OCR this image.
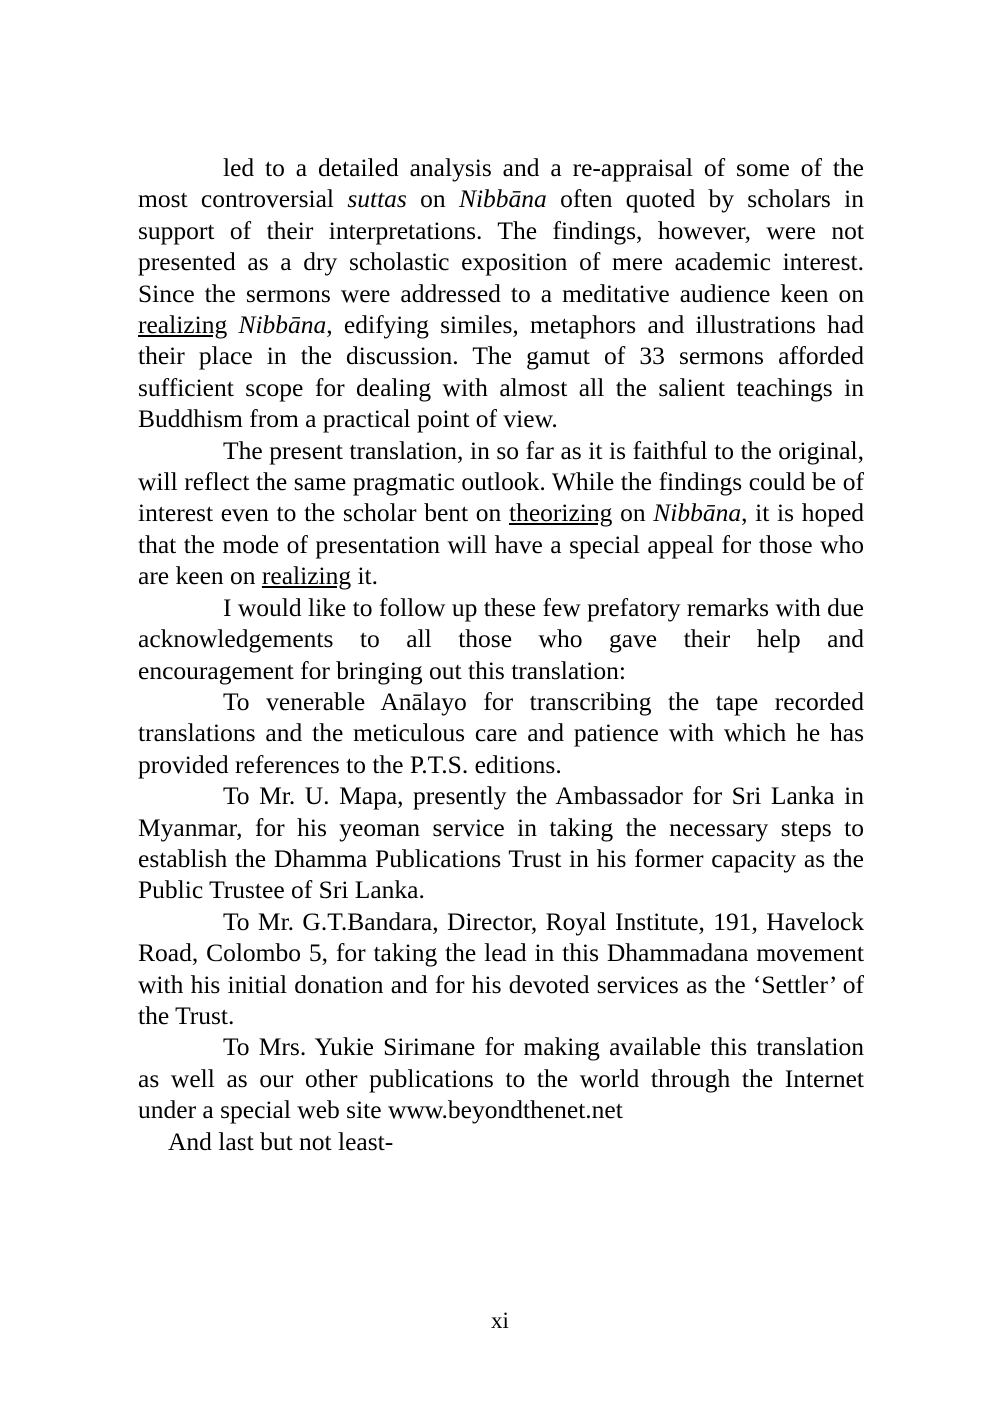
led to a detailed analysis and a re-appraisal of some of the most controversial suttas on Nibbāna often quoted by scholars in support of their interpretations. The findings, however, were not presented as a dry scholastic exposition of mere academic interest. Since the sermons were addressed to a meditative audience keen on realizing Nibbāna, edifying similes, metaphors and illustrations had their place in the discussion. The gamut of 33 sermons afforded sufficient scope for dealing with almost all the salient teachings in Buddhism from a practical point of view.

The present translation, in so far as it is faithful to the original, will reflect the same pragmatic outlook. While the findings could be of interest even to the scholar bent on theorizing on Nibbāna, it is hoped that the mode of presentation will have a special appeal for those who are keen on realizing it.

I would like to follow up these few prefatory remarks with due acknowledgements to all those who gave their help and encouragement for bringing out this translation:

To venerable Anālayo for transcribing the tape recorded translations and the meticulous care and patience with which he has provided references to the P.T.S. editions.

To Mr. U. Mapa, presently the Ambassador for Sri Lanka in Myanmar, for his yeoman service in taking the necessary steps to establish the Dhamma Publications Trust in his former capacity as the Public Trustee of Sri Lanka.

To Mr. G.T.Bandara, Director, Royal Institute, 191, Havelock Road, Colombo 5, for taking the lead in this Dhammadana movement with his initial donation and for his devoted services as the ‘Settler’ of the Trust.

To Mrs. Yukie Sirimane for making available this translation as well as our other publications to the world through the Internet under a special web site www.beyondthenet.net

And last but not least-

xi
